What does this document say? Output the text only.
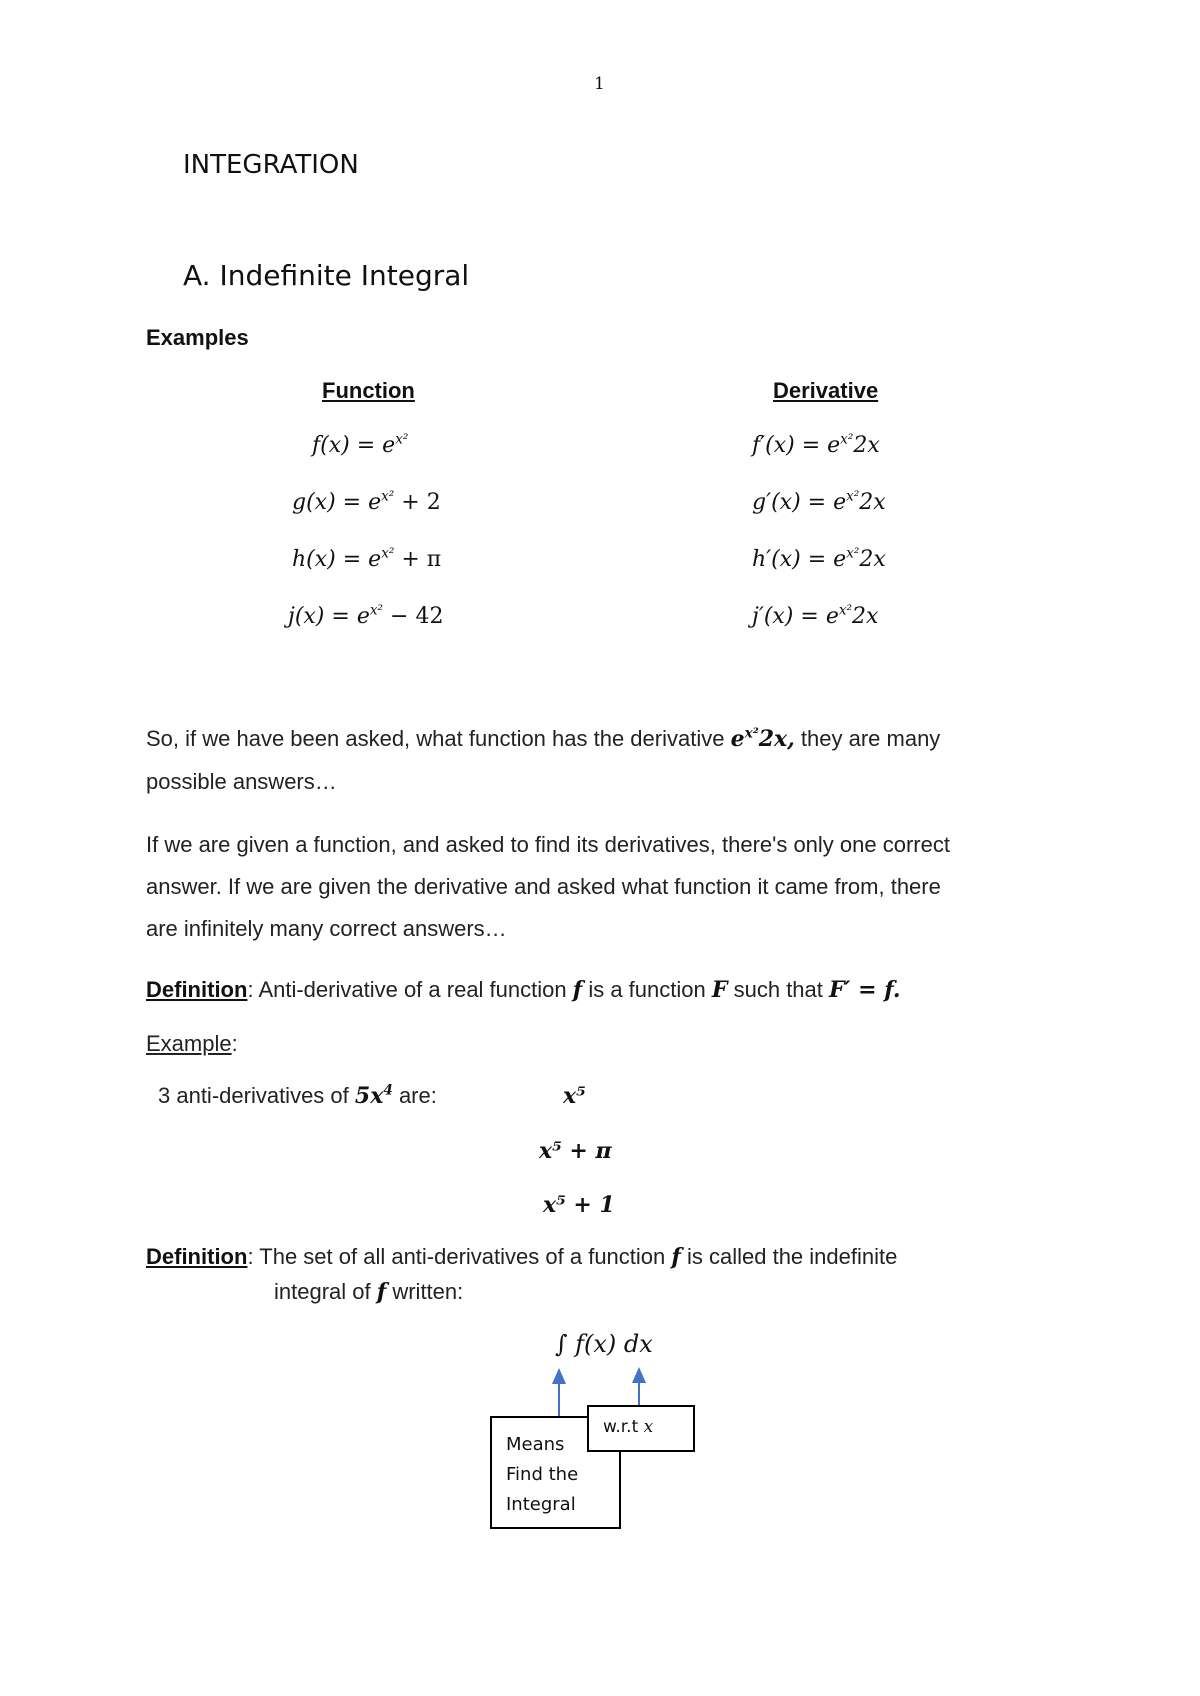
1
INTEGRATION
A. Indefinite Integral
Examples
Function	Derivative
$f(x) = e^{x^2}$	$f'(x) = e^{x^2}2x$
$g(x) = e^{x^2} + 2$	$g'(x) = e^{x^2}2x$
$h(x) = e^{x^2} + \pi$	$h'(x) = e^{x^2}2x$
$j(x) = e^{x^2} - 42$	$j'(x) = e^{x^2}2x$
So, if we have been asked, what function has the derivative $e^{x^2}2x$, they are many
possible answers…
If we are given a function, and asked to find its derivatives, there's only one correct
answer. If we are given the derivative and asked what function it came from, there
are infinitely many correct answers…
Definition: Anti-derivative of a real function f is a function F such that F′ = f.
Example:
3 anti-derivatives of $5x^4$ are:	x⁵
x⁵ + π
x⁵ + 1
Definition: The set of all anti-derivatives of a function f is called the indefinite
integral of f written:
∫ f(x) dx
Means
Find the
Integral
w.r.t x
